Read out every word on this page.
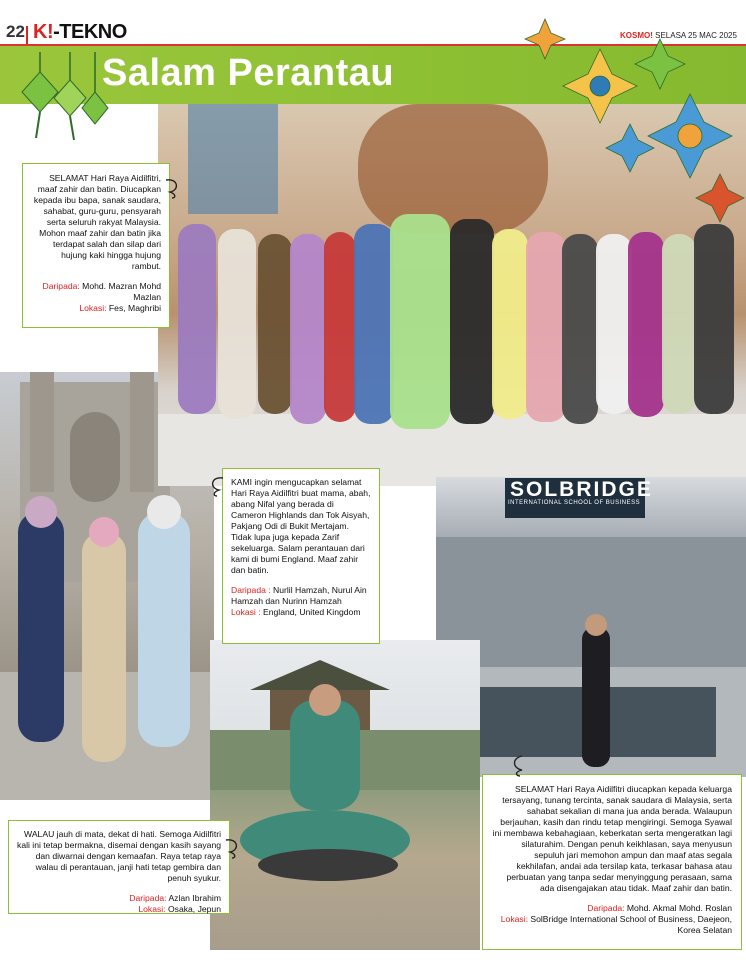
22 K!-TEKNO	KOSMO! SELASA 25 MAC 2025
SOLBRIDGE
INTERNATIONAL SCHOOL OF BUSINESS
Salam Perantau
SELAMAT Hari Raya Aidilfitri, maaf zahir dan batin. Diucapkan kepada ibu bapa, sanak saudara, sahabat, guru-guru, pensyarah serta seluruh rakyat Malaysia. Mohon maaf zahir dan batin jika terdapat salah dan silap dari hujung kaki hingga hujung rambut.
Daripada: Mohd. Mazran Mohd Mazlan
Lokasi: Fes, Maghribi
KAMI ingin mengucapkan selamat Hari Raya Aidilfitri buat mama, abah, abang Nifal yang berada di Cameron Highlands dan Tok Aisyah, Pakjang Odi di Bukit Mertajam. Tidak lupa juga kepada Zarif sekeluarga. Salam perantauan dari kami di bumi England. Maaf zahir dan batin.
Daripada : Nurlil Hamzah, Nurul Ain Hamzah dan Nurinn Hamzah
Lokasi : England, United Kingdom
WALAU jauh di mata, dekat di hati. Semoga Aidilfitri kali ini tetap bermakna, disemai dengan kasih sayang dan diwarnai dengan kemaafan. Raya tetap raya walau di perantauan, janji hati tetap gembira dan penuh syukur.
Daripada: Azlan Ibrahim
Lokasi: Osaka, Jepun
SELAMAT Hari Raya Aidilfitri diucapkan kepada keluarga tersayang, tunang tercinta, sanak saudara di Malaysia, serta sahabat sekalian di mana jua anda berada. Walaupun berjauhan, kasih dan rindu tetap mengiringi. Semoga Syawal ini membawa kebahagiaan, keberkatan serta mengeratkan lagi silaturahim. Dengan penuh keikhlasan, saya menyusun sepuluh jari memohon ampun dan maaf atas segala kekhilafan, andai ada tersilap kata, terkasar bahasa atau perbuatan yang tanpa sedar menyinggung perasaan, sama ada disengajakan atau tidak. Maaf zahir dan batin.
Daripada: Mohd. Akmal Mohd. Roslan
Lokasi: SolBridge International School of Business, Daejeon, Korea Selatan
